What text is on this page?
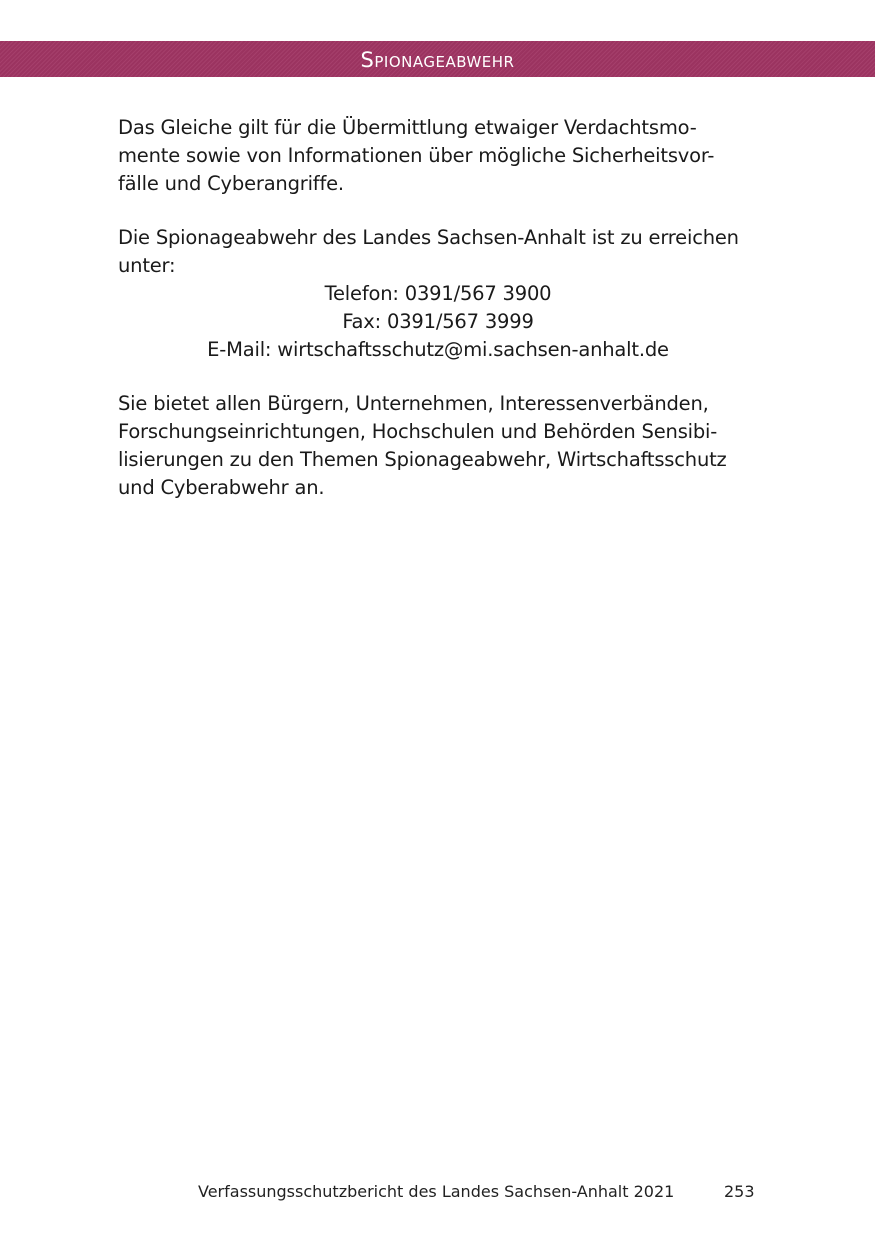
Spionageabwehr

Das Gleiche gilt für die Übermittlung etwaiger Verdachtsmo- mente sowie von Informationen über mögliche Sicherheitsvor- fälle und Cyberangriffe.

Die Spionageabwehr des Landes Sachsen-Anhalt ist zu erreichen unter:

Telefon: 0391/567 3900
Fax: 0391/567 3999
E-Mail: wirtschaftsschutz@mi.sachsen-anhalt.de

Sie bietet allen Bürgern, Unternehmen, Interessenverbänden, Forschungseinrichtungen, Hochschulen und Behörden Sensibi- lisierungen zu den Themen Spionageabwehr, Wirtschaftsschutz und Cyberabwehr an.

Verfassungsschutzbericht des Landes Sachsen-Anhalt 2021	253
